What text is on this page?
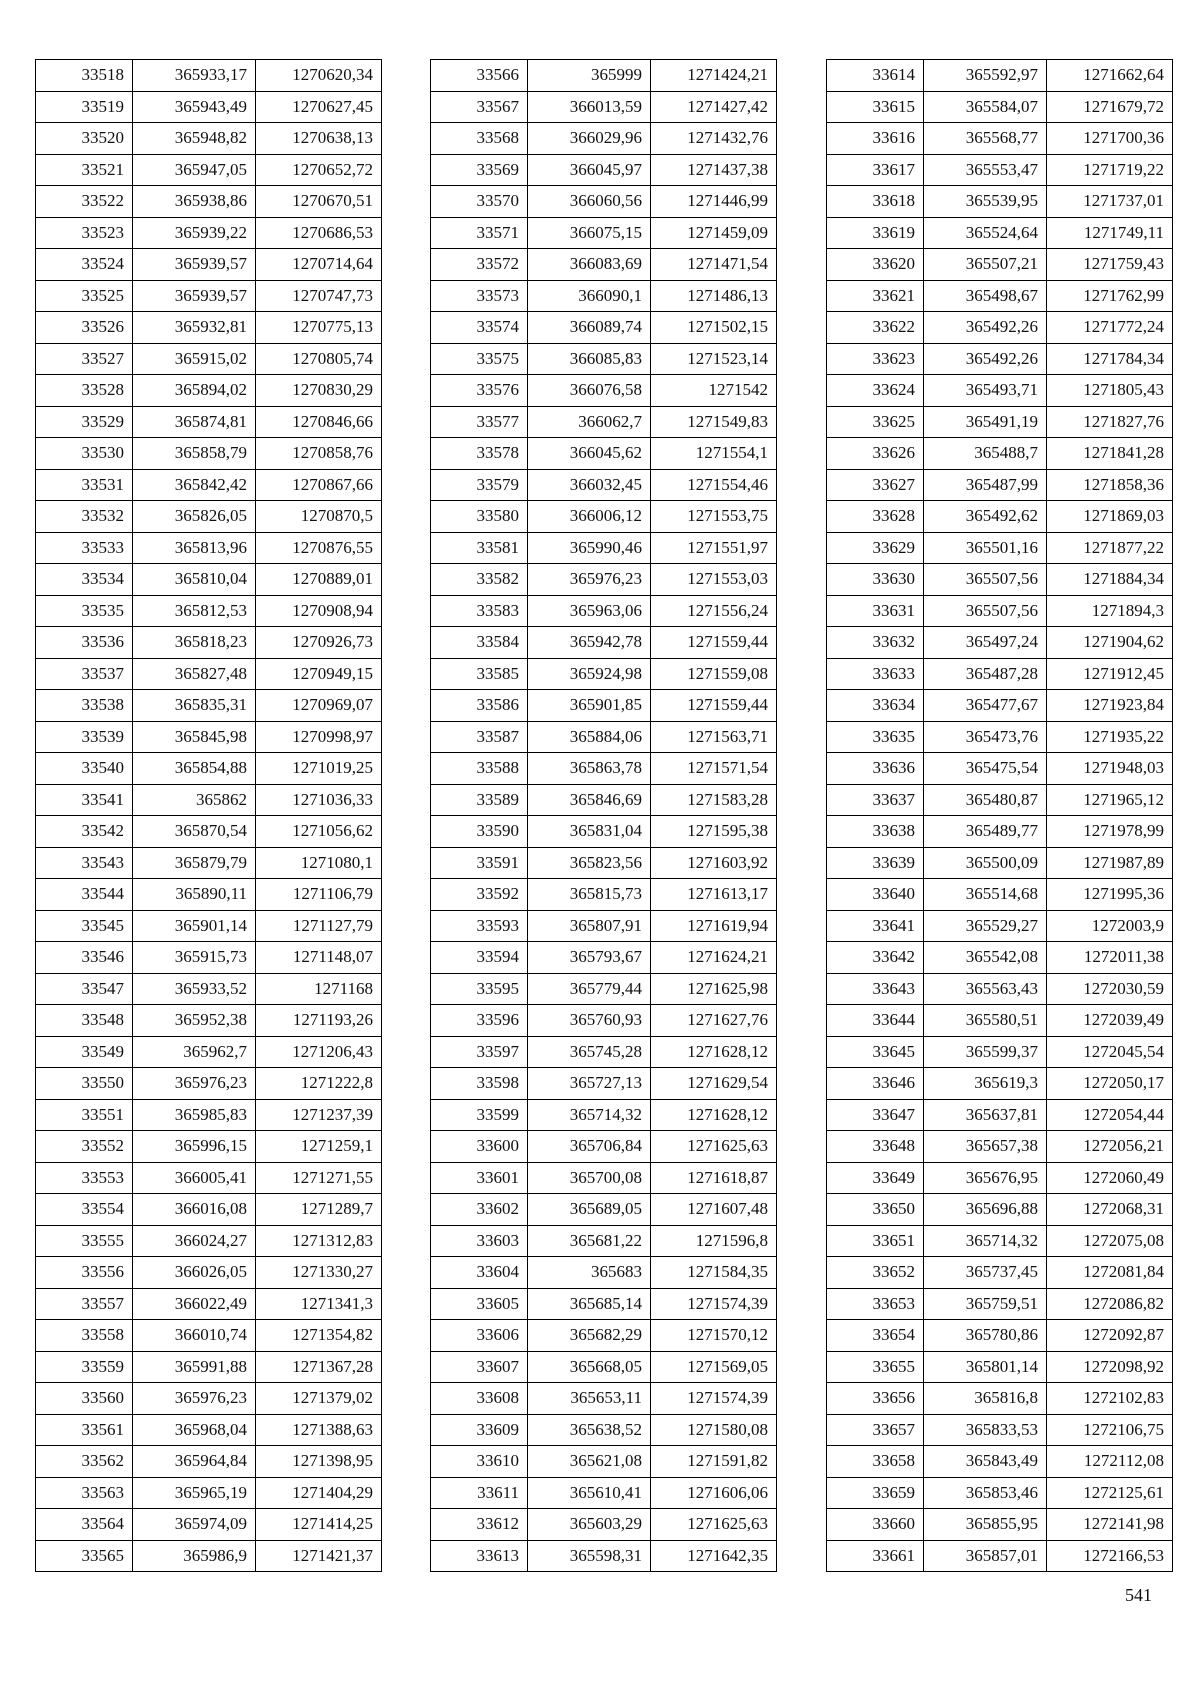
33518	365933,17	1270620,34
33519	365943,49	1270627,45
33520	365948,82	1270638,13
33521	365947,05	1270652,72
33522	365938,86	1270670,51
33523	365939,22	1270686,53
33524	365939,57	1270714,64
33525	365939,57	1270747,73
33526	365932,81	1270775,13
33527	365915,02	1270805,74
33528	365894,02	1270830,29
33529	365874,81	1270846,66
33530	365858,79	1270858,76
33531	365842,42	1270867,66
33532	365826,05	1270870,5
33533	365813,96	1270876,55
33534	365810,04	1270889,01
33535	365812,53	1270908,94
33536	365818,23	1270926,73
33537	365827,48	1270949,15
33538	365835,31	1270969,07
33539	365845,98	1270998,97
33540	365854,88	1271019,25
33541	365862	1271036,33
33542	365870,54	1271056,62
33543	365879,79	1271080,1
33544	365890,11	1271106,79
33545	365901,14	1271127,79
33546	365915,73	1271148,07
33547	365933,52	1271168
33548	365952,38	1271193,26
33549	365962,7	1271206,43
33550	365976,23	1271222,8
33551	365985,83	1271237,39
33552	365996,15	1271259,1
33553	366005,41	1271271,55
33554	366016,08	1271289,7
33555	366024,27	1271312,83
33556	366026,05	1271330,27
33557	366022,49	1271341,3
33558	366010,74	1271354,82
33559	365991,88	1271367,28
33560	365976,23	1271379,02
33561	365968,04	1271388,63
33562	365964,84	1271398,95
33563	365965,19	1271404,29
33564	365974,09	1271414,25
33565	365986,9	1271421,37
33566	365999	1271424,21
33567	366013,59	1271427,42
33568	366029,96	1271432,76
33569	366045,97	1271437,38
33570	366060,56	1271446,99
33571	366075,15	1271459,09
33572	366083,69	1271471,54
33573	366090,1	1271486,13
33574	366089,74	1271502,15
33575	366085,83	1271523,14
33576	366076,58	1271542
33577	366062,7	1271549,83
33578	366045,62	1271554,1
33579	366032,45	1271554,46
33580	366006,12	1271553,75
33581	365990,46	1271551,97
33582	365976,23	1271553,03
33583	365963,06	1271556,24
33584	365942,78	1271559,44
33585	365924,98	1271559,08
33586	365901,85	1271559,44
33587	365884,06	1271563,71
33588	365863,78	1271571,54
33589	365846,69	1271583,28
33590	365831,04	1271595,38
33591	365823,56	1271603,92
33592	365815,73	1271613,17
33593	365807,91	1271619,94
33594	365793,67	1271624,21
33595	365779,44	1271625,98
33596	365760,93	1271627,76
33597	365745,28	1271628,12
33598	365727,13	1271629,54
33599	365714,32	1271628,12
33600	365706,84	1271625,63
33601	365700,08	1271618,87
33602	365689,05	1271607,48
33603	365681,22	1271596,8
33604	365683	1271584,35
33605	365685,14	1271574,39
33606	365682,29	1271570,12
33607	365668,05	1271569,05
33608	365653,11	1271574,39
33609	365638,52	1271580,08
33610	365621,08	1271591,82
33611	365610,41	1271606,06
33612	365603,29	1271625,63
33613	365598,31	1271642,35
33614	365592,97	1271662,64
33615	365584,07	1271679,72
33616	365568,77	1271700,36
33617	365553,47	1271719,22
33618	365539,95	1271737,01
33619	365524,64	1271749,11
33620	365507,21	1271759,43
33621	365498,67	1271762,99
33622	365492,26	1271772,24
33623	365492,26	1271784,34
33624	365493,71	1271805,43
33625	365491,19	1271827,76
33626	365488,7	1271841,28
33627	365487,99	1271858,36
33628	365492,62	1271869,03
33629	365501,16	1271877,22
33630	365507,56	1271884,34
33631	365507,56	1271894,3
33632	365497,24	1271904,62
33633	365487,28	1271912,45
33634	365477,67	1271923,84
33635	365473,76	1271935,22
33636	365475,54	1271948,03
33637	365480,87	1271965,12
33638	365489,77	1271978,99
33639	365500,09	1271987,89
33640	365514,68	1271995,36
33641	365529,27	1272003,9
33642	365542,08	1272011,38
33643	365563,43	1272030,59
33644	365580,51	1272039,49
33645	365599,37	1272045,54
33646	365619,3	1272050,17
33647	365637,81	1272054,44
33648	365657,38	1272056,21
33649	365676,95	1272060,49
33650	365696,88	1272068,31
33651	365714,32	1272075,08
33652	365737,45	1272081,84
33653	365759,51	1272086,82
33654	365780,86	1272092,87
33655	365801,14	1272098,92
33656	365816,8	1272102,83
33657	365833,53	1272106,75
33658	365843,49	1272112,08
33659	365853,46	1272125,61
33660	365855,95	1272141,98
33661	365857,01	1272166,53
541
